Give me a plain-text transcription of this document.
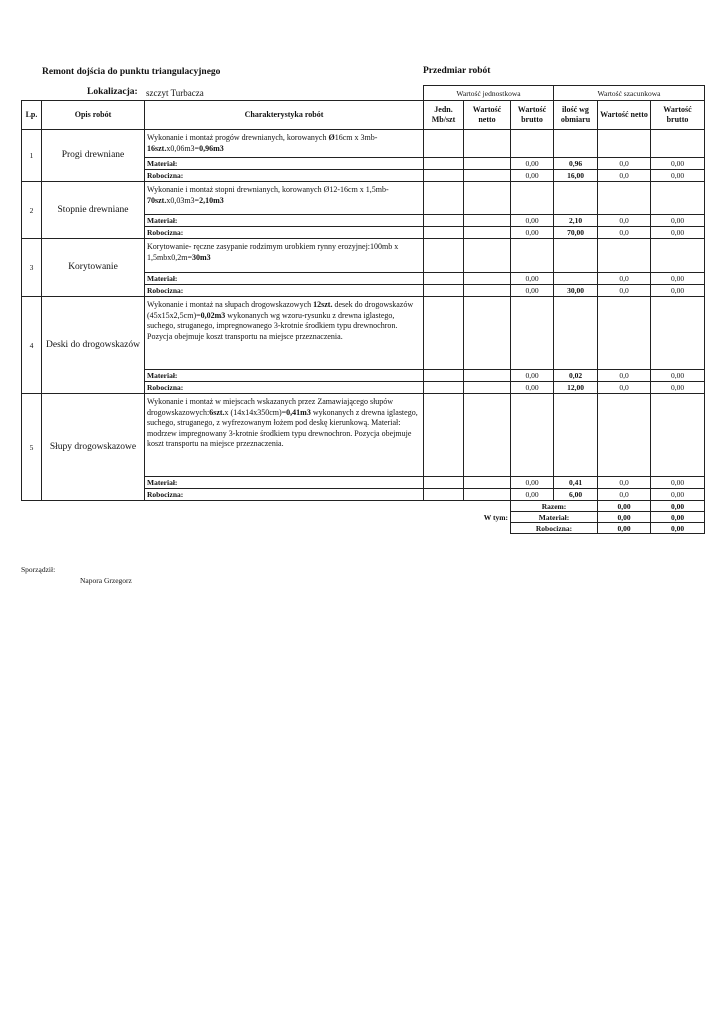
Remont dojścia do punktu triangulacyjnego	Przedmiar robót
Lokalizacja: szczyt Turbacza
			Wartość jednostkowa			Wartość szacunkowa		
Lp.	Opis robót	Charakterystyka robót	Jedn. Mb/szt	Wartość netto	Wartość brutto	ilość wg obmiaru	Wartość netto	Wartość brutto
1	Progi drewniane	Wykonanie i montaż progów drewnianych, korowanych Ø16cm x 3mb-16szt.x0,06m3=0,96m3						
		Materiał:			0,00	0,96	0,0	0,00
		Robocizna:			0,00	16,00	0,0	0,00
2	Stopnie drewniane	Wykonanie i montaż stopni drewnianych, korowanych Ø12-16cm x 1,5mb-70szt.x0,03m3=2,10m3						
		Materiał:			0,00	2,10	0,0	0,00
		Robocizna:			0,00	70,00	0,0	0,00
3	Korytowanie	Korytowanie- ręczne zasypanie rodzimym urobkiem rynny erozyjnej:100mb x 1,5mbx0,2m=30m3						
		Materiał:			0,00		0,0	0,00
		Robocizna:			0,00	30,00	0,0	0,00
4	Deski do drogowskazów	Wykonanie i montaż na słupach drogowskazowych 12szt. desek do drogowskazów (45x15x2,5cm)=0,02m3 wykonanych wg wzoru-rysunku z drewna iglastego, suchego, struganego, impregnowanego 3-krotnie środkiem typu drewnochron. Pozycja obejmuje koszt transportu na miejsce przeznaczenia.						
		Materiał:			0,00	0,02	0,0	0,00
		Robocizna:			0,00	12,00	0,0	0,00
5	Słupy drogowskazowe	Wykonanie i montaż w miejscach wskazanych przez Zamawiającego słupów drogowskazowych:6szt.x (14x14x350cm)=0,41m3 wykonanych z drewna iglastego, suchego, struganego, z wyfrezowanym łożem pod deskę kierunkową. Materiał: modrzew impregnowany 3-krotnie środkiem typu drewnochron. Pozycja obejmuje koszt transportu na miejsce przeznaczenia.						
		Materiał:			0,00	0,41	0,0	0,00
		Robocizna:			0,00	6,00	0,0	0,00
					Razem:		0,00	0,00
				W tym:	Materiał:		0,00	0,00
					Robocizna:		0,00	0,00
Sporządził:
Napora Grzegorz
